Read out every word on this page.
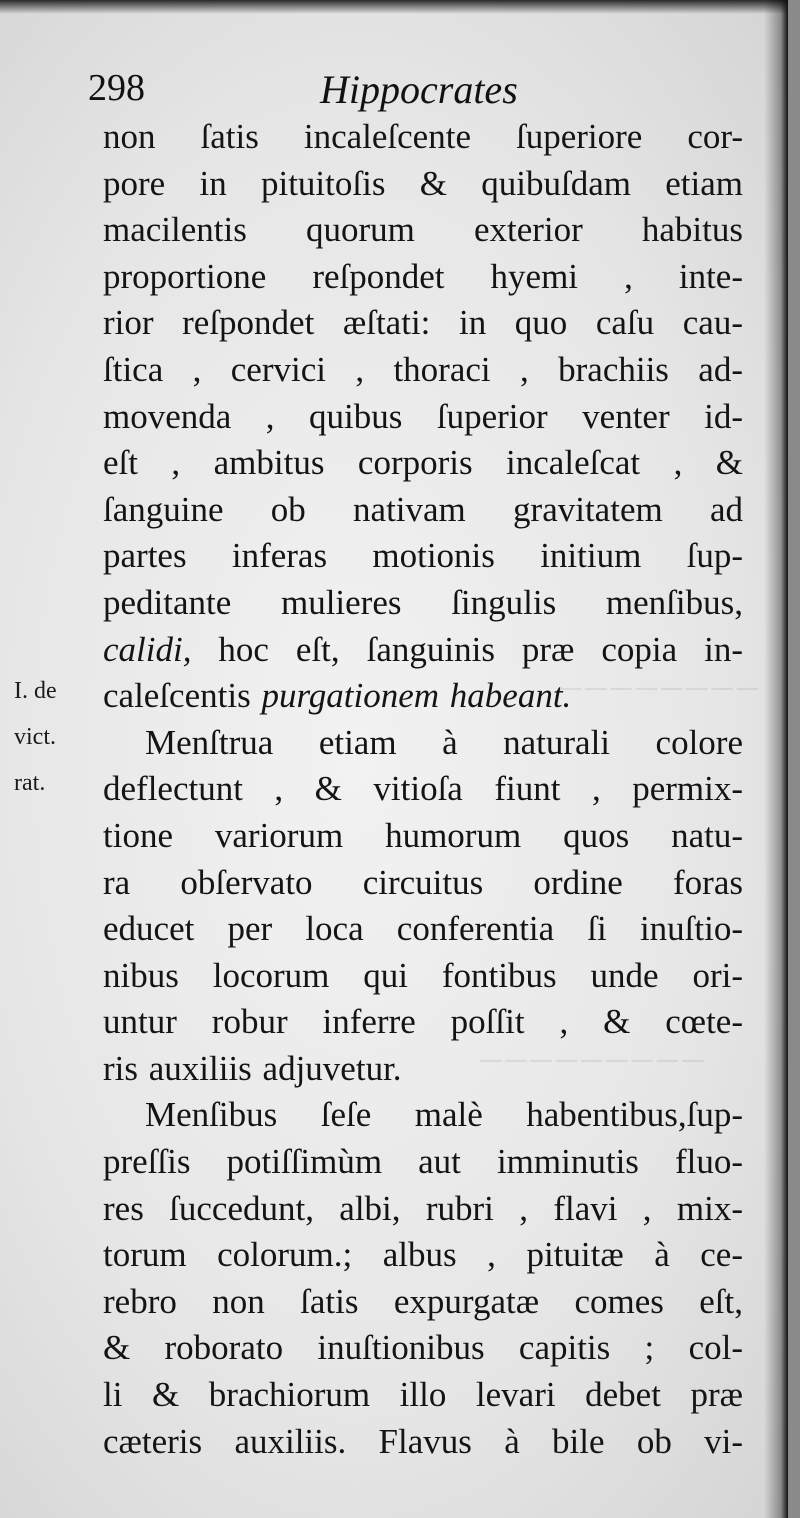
────────
─────────
298	Hippocrates
non ſatis incaleſcente ſuperiore cor-
pore in pituitoſis & quibuſdam etiam
macilentis quorum exterior habitus
proportione reſpondet hyemi , inte-
rior reſpondet æſtati: in quo caſu cau-
ſtica , cervici , thoraci , brachiis ad-
movenda , quibus ſuperior venter id-
eſt , ambitus corporis incaleſcat , &
ſanguine ob nativam gravitatem ad
partes inferas motionis initium ſup-
peditante mulieres ſingulis menſibus,
calidi, hoc eſt, ſanguinis præ copia in-
caleſcentis purgationem habeant.
Menſtrua etiam à naturali colore
deflectunt , & vitioſa fiunt , permix-
tione variorum humorum quos natu-
ra obſervato circuitus ordine foras
educet per loca conferentia ſi inuſtio-
nibus locorum qui fontibus unde ori-
untur robur inferre poſſit , & cœte-
ris auxiliis adjuvetur.
Menſibus ſeſe malè habentibus,ſup-
preſſis potiſſimùm aut imminutis fluo-
res ſuccedunt, albi, rubri , flavi , mix-
torum colorum.; albus , pituitæ à ce-
rebro non ſatis expurgatæ comes eſt,
& roborato inuſtionibus capitis ; col-
li & brachiorum illo levari debet præ
cæteris auxiliis. Flavus à bile ob vi-
I. de
vict.
rat.
